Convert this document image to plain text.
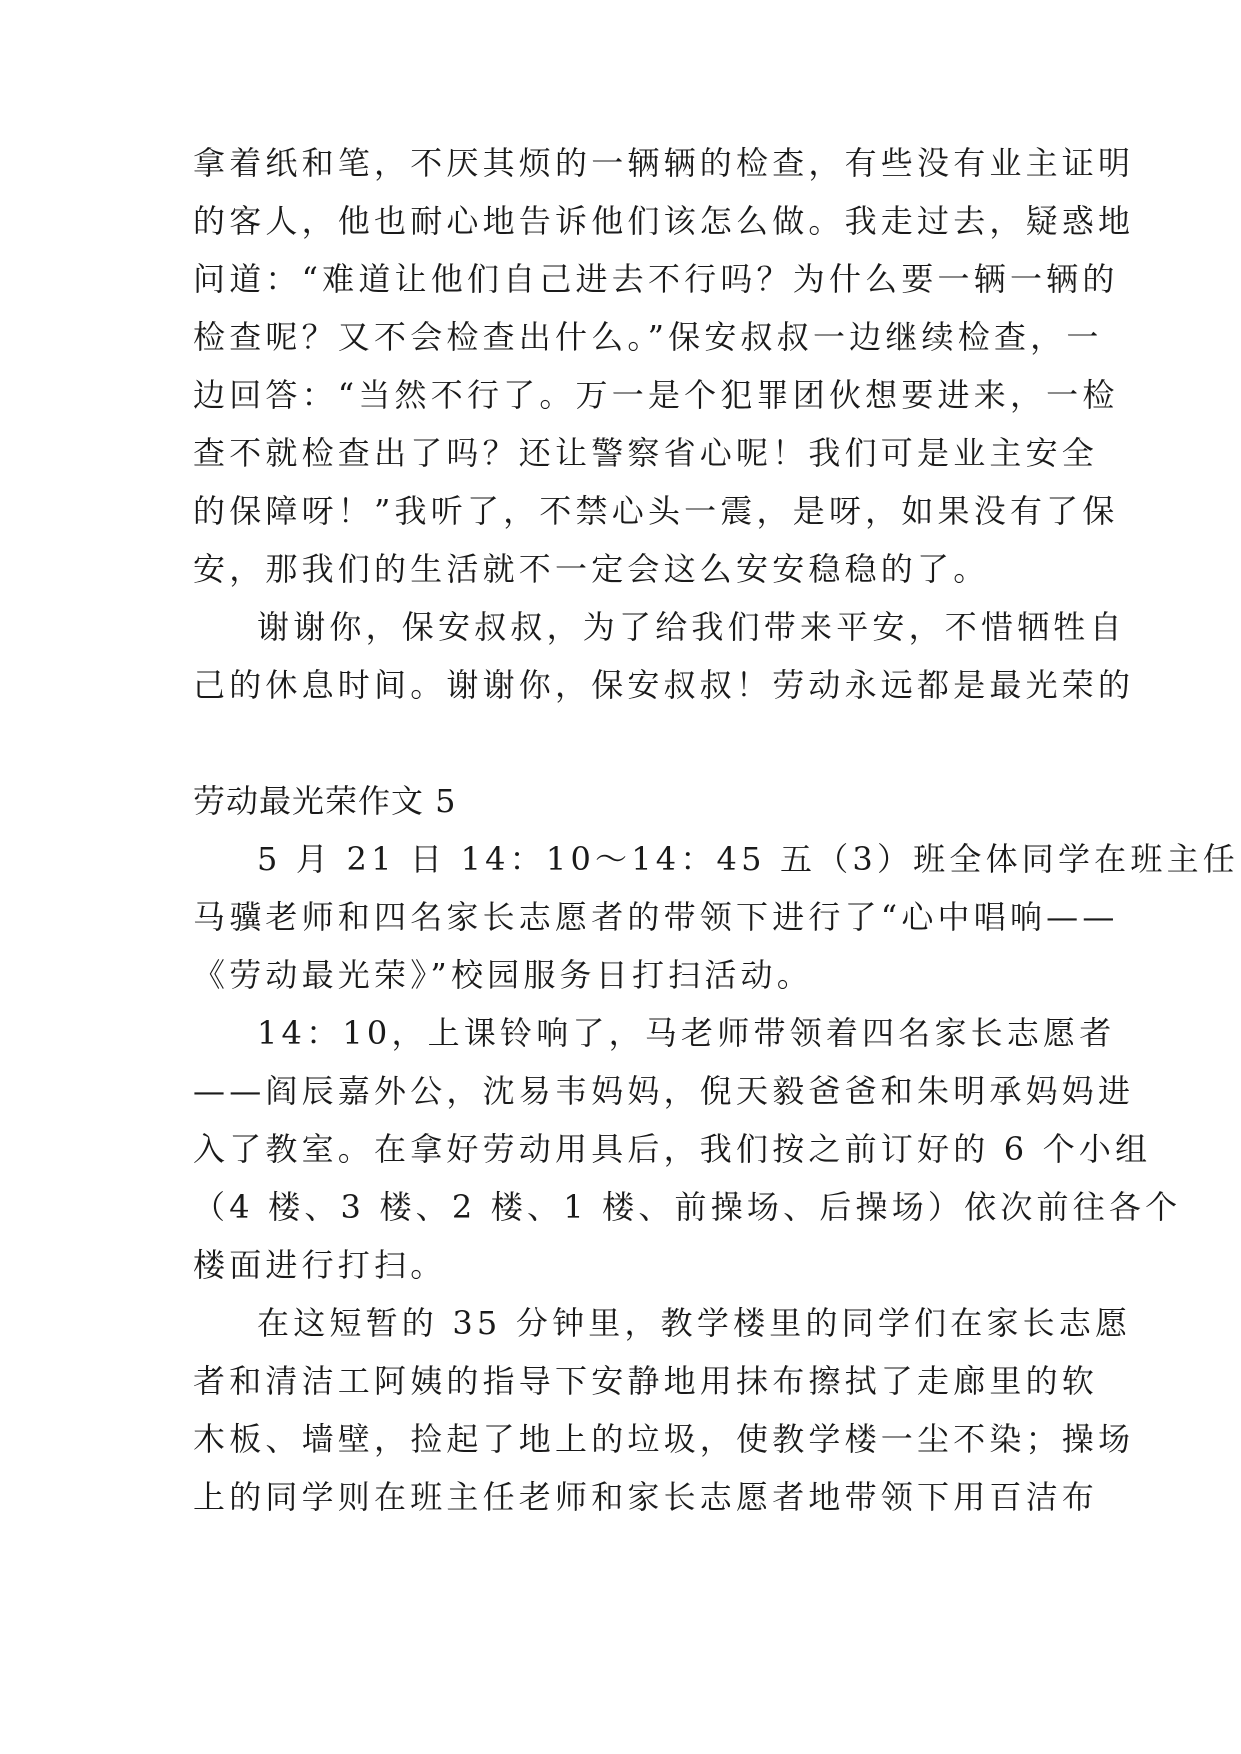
拿着纸和笔，不厌其烦的一辆辆的检查，有些没有业主证明
的客人，他也耐心地告诉他们该怎么做。我走过去，疑惑地
问道：“难道让他们自己进去不行吗？为什么要一辆一辆的
检查呢？又不会检查出什么。”保安叔叔一边继续检查，一
边回答：“当然不行了。万一是个犯罪团伙想要进来，一检
查不就检查出了吗？还让警察省心呢！我们可是业主安全
的保障呀！”我听了，不禁心头一震，是呀，如果没有了保
安，那我们的生活就不一定会这么安安稳稳的了。
谢谢你，保安叔叔，为了给我们带来平安，不惜牺牲自
己的休息时间。谢谢你，保安叔叔！劳动永远都是最光荣的
劳动最光荣作文 5
5 月 21 日 14：10～14：45 五（3）班全体同学在班主任
马骥老师和四名家长志愿者的带领下进行了“心中唱响——
《劳动最光荣》”校园服务日打扫活动。
14：10，上课铃响了，马老师带领着四名家长志愿者
——阎辰嘉外公，沈易韦妈妈，倪天毅爸爸和朱明承妈妈进
入了教室。在拿好劳动用具后，我们按之前订好的 6 个小组
（4 楼、3 楼、2 楼、1 楼、前操场、后操场）依次前往各个
楼面进行打扫。
在这短暂的 35 分钟里，教学楼里的同学们在家长志愿
者和清洁工阿姨的指导下安静地用抹布擦拭了走廊里的软
木板、墙壁，捡起了地上的垃圾，使教学楼一尘不染；操场
上的同学则在班主任老师和家长志愿者地带领下用百洁布
